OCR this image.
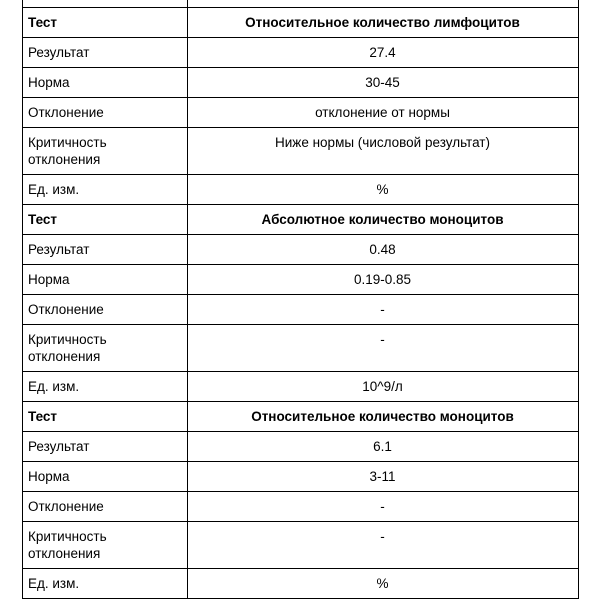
Тест	Относительное количество лимфоцитов

Результат	27.4

Норма	30-45

Отклонение	отклонение от нормы

Критичность отклонения	Ниже нормы (числовой результат)

Ед. изм.	%

Тест	Абсолютное количество моноцитов

Результат	0.48

Норма	0.19-0.85

Отклонение	-

Критичность отклонения	-

Ед. изм.	10^9/л

Тест	Относительное количество моноцитов

Результат	6.1

Норма	3-11

Отклонение	-

Критичность отклонения	-

Ед. изм.	%
